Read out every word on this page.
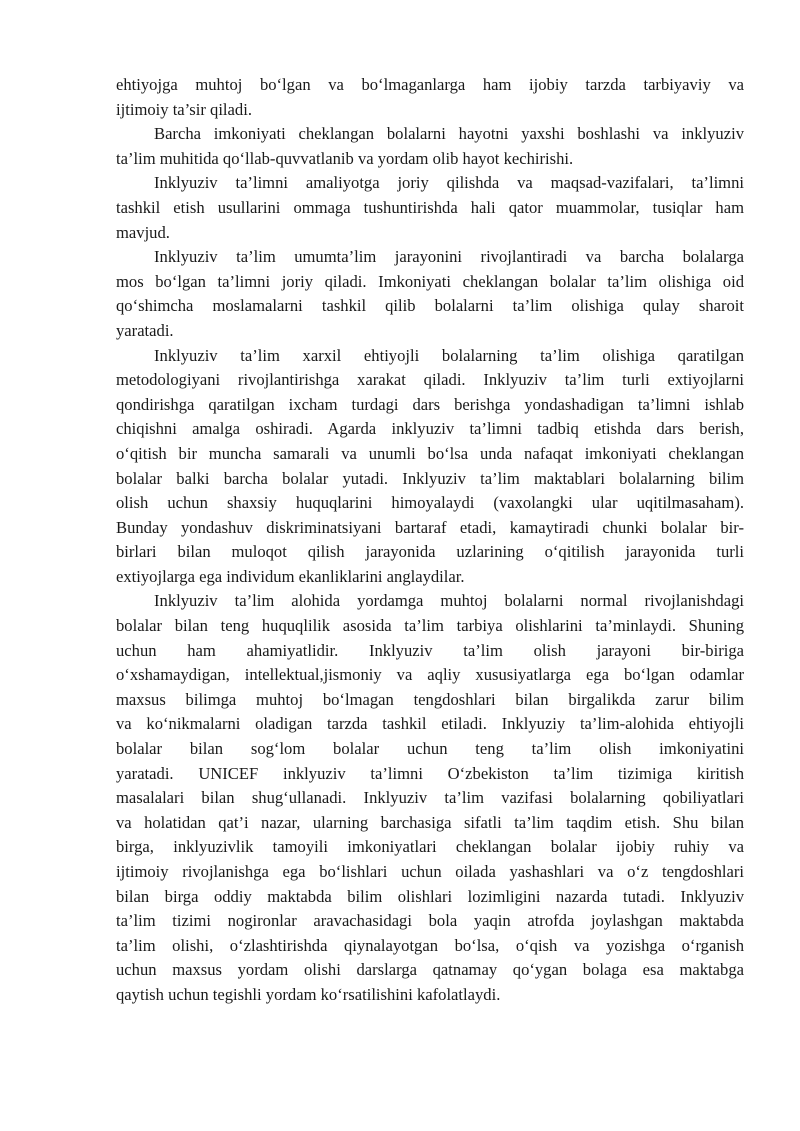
ehtiyojga muhtoj bo‘lgan va bo‘lmaganlarga ham ijobiy tarzda tarbiyaviy va
ijtimoiy ta’sir qiladi.
Barcha imkoniyati cheklangan bolalarni hayotni yaxshi boshlashi va inklyuziv
ta’lim muhitida qo‘llab-quvvatlanib va yordam olib hayot kechirishi.
Inklyuziv ta’limni amaliyotga joriy qilishda va maqsad-vazifalari, ta’limni
tashkil etish usullarini ommaga tushuntirishda hali qator muammolar, tusiqlar ham
mavjud.
Inklyuziv ta’lim umumta’lim jarayonini rivojlantiradi va barcha bolalarga
mos bo‘lgan ta’limni joriy qiladi. Imkoniyati cheklangan bolalar ta’lim olishiga oid
qo‘shimcha moslamalarni tashkil qilib bolalarni ta’lim olishiga qulay sharoit
yaratadi.
Inklyuziv ta’lim xarxil ehtiyojli bolalarning ta’lim olishiga qaratilgan
metodologiyani rivojlantirishga xarakat qiladi. Inklyuziv ta’lim turli extiyojlarni
qondirishga qaratilgan ixcham turdagi dars berishga yondashadigan ta’limni ishlab
chiqishni amalga oshiradi. Agarda inklyuziv ta’limni tadbiq etishda dars berish,
o‘qitish bir muncha samarali va unumli bo‘lsa unda nafaqat imkoniyati cheklangan
bolalar balki barcha bolalar yutadi. Inklyuziv ta’lim maktablari bolalarning bilim
olish uchun shaxsiy huquqlarini himoyalaydi (vaxolangki ular uqitilmasaham).
Bunday yondashuv diskriminatsiyani bartaraf etadi, kamaytiradi chunki bolalar bir-
birlari bilan muloqot qilish jarayonida uzlarining o‘qitilish jarayonida turli
extiyojlarga ega individum ekanliklarini anglaydilar.
Inklyuziv ta’lim alohida yordamga muhtoj bolalarni normal rivojlanishdagi
bolalar bilan teng huquqlilik asosida ta’lim tarbiya olishlarini ta’minlaydi. Shuning
uchun ham ahamiyatlidir. Inklyuziv ta’lim olish jarayoni bir-biriga
o‘xshamaydigan, intellektual,jismoniy va aqliy xususiyatlarga ega bo‘lgan odamlar
maxsus bilimga muhtoj bo‘lmagan tengdoshlari bilan birgalikda zarur bilim
va ko‘nikmalarni oladigan tarzda tashkil etiladi. Inklyuziy ta’lim-alohida ehtiyojli
bolalar bilan sog‘lom bolalar uchun teng ta’lim olish imkoniyatini
yaratadi. UNICEF inklyuziv ta’limni O‘zbekiston ta’lim tizimiga kiritish
masalalari bilan shug‘ullanadi. Inklyuziv ta’lim vazifasi bolalarning qobiliyatlari
va holatidan qat’i nazar, ularning barchasiga sifatli ta’lim taqdim etish. Shu bilan
birga, inklyuzivlik tamoyili imkoniyatlari cheklangan bolalar ijobiy ruhiy va
ijtimoiy rivojlanishga ega bo‘lishlari uchun oilada yashashlari va o‘z tengdoshlari
bilan birga oddiy maktabda bilim olishlari lozimligini nazarda tutadi. Inklyuziv
ta’lim tizimi nogironlar aravachasidagi bola yaqin atrofda joylashgan maktabda
ta’lim olishi, o‘zlashtirishda qiynalayotgan bo‘lsa, o‘qish va yozishga o‘rganish
uchun maxsus yordam olishi darslarga qatnamay qo‘ygan bolaga esa maktabga
qaytish uchun tegishli yordam ko‘rsatilishini kafolatlaydi.
